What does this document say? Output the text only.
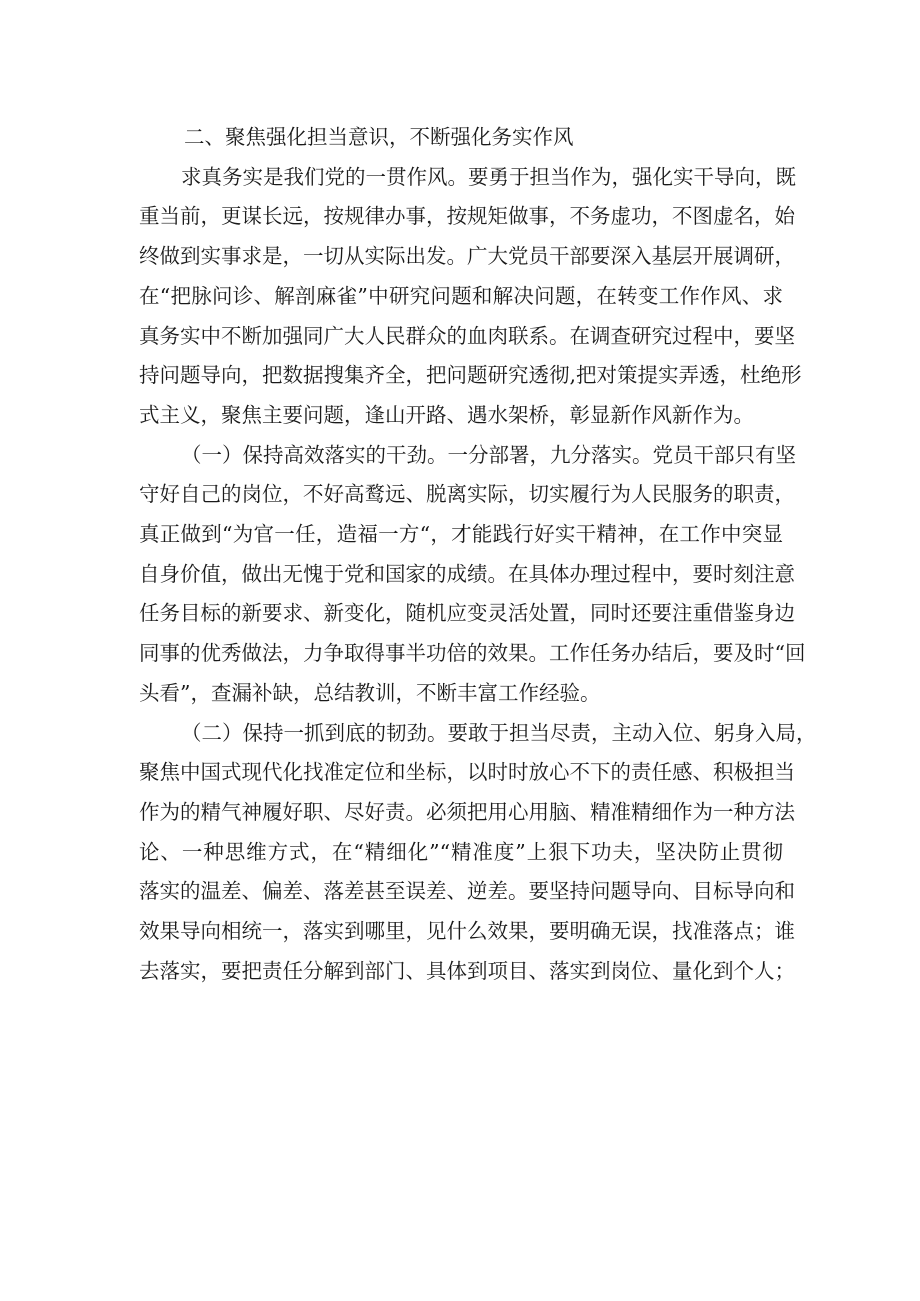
二、聚焦强化担当意识，不断强化务实作风

求真务实是我们党的一贯作风。要勇于担当作为，强化实干导向，既
重当前，更谋长远，按规律办事，按规矩做事，不务虚功，不图虚名，始
终做到实事求是，一切从实际出发。广大党员干部要深入基层开展调研，
在“把脉问诊、解剖麻雀”中研究问题和解决问题，在转变工作作风、求
真务实中不断加强同广大人民群众的血肉联系。在调查研究过程中，要坚
持问题导向，把数据搜集齐全，把问题研究透彻,把对策提实弄透，杜绝形
式主义，聚焦主要问题，逢山开路、遇水架桥，彰显新作风新作为。
（一）保持高效落实的干劲。一分部署，九分落实。党员干部只有坚
守好自己的岗位，不好高鹜远、脱离实际，切实履行为人民服务的职责，
真正做到“为官一任，造福一方“，才能践行好实干精神，在工作中突显
自身价值，做出无愧于党和国家的成绩。在具体办理过程中，要时刻注意
任务目标的新要求、新变化，随机应变灵活处置，同时还要注重借鉴身边
同事的优秀做法，力争取得事半功倍的效果。工作任务办结后，要及时“回
头看”，查漏补缺，总结教训，不断丰富工作经验。
（二）保持一抓到底的韧劲。要敢于担当尽责，主动入位、躬身入局，
聚焦中国式现代化找准定位和坐标，以时时放心不下的责任感、积极担当
作为的精气神履好职、尽好责。必须把用心用脑、精准精细作为一种方法
论、一种思维方式，在“精细化”“精准度”上狠下功夫，坚决防止贯彻
落实的温差、偏差、落差甚至误差、逆差。要坚持问题导向、目标导向和
效果导向相统一，落实到哪里，见什么效果，要明确无误，找准落点；谁
去落实，要把责任分解到部门、具体到项目、落实到岗位、量化到个人；
